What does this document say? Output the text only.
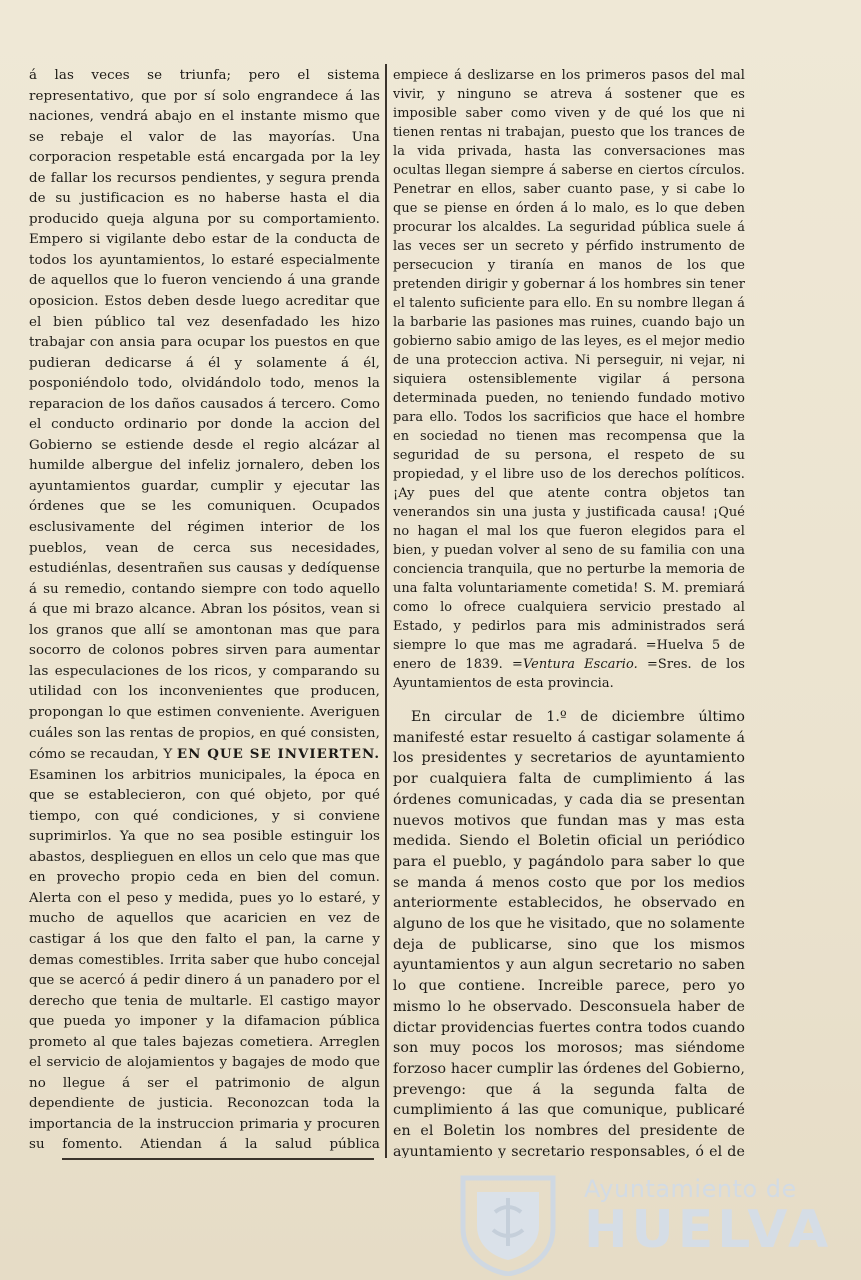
á las veces se triunfa; pero el sistema representativo, que por sí solo engrandece á las naciones, vendrá abajo en el instante mismo que se rebaje el valor de las mayorías. Una corporacion respetable está encargada por la ley de fallar los recursos pendientes, y segura prenda de su justificacion es no haberse hasta el dia producido queja alguna por su comportamiento. Empero si vigilante debo estar de la conducta de todos los ayuntamientos, lo estaré especialmente de aquellos que lo fueron venciendo á una grande oposicion. Estos deben desde luego acreditar que el bien público tal vez desenfadado les hizo trabajar con ansia para ocupar los puestos en que pudieran dedicarse á él y solamente á él, posponiéndolo todo, olvidándolo todo, menos la reparacion de los daños causados á tercero. Como el conducto ordinario por donde la accion del Gobierno se estiende desde el regio alcázar al humilde albergue del infeliz jornalero, deben los ayuntamientos guardar, cumplir y ejecutar las órdenes que se les comuniquen. Ocupados esclusivamente del régimen interior de los pueblos, vean de cerca sus necesidades, estudiénlas, desentrañen sus causas y dedíquense á su remedio, contando siempre con todo aquello á que mi brazo alcance. Abran los pósitos, vean si los granos que allí se amontonan mas que para socorro de colonos pobres sirven para aumentar las especulaciones de los ricos, y comparando su utilidad con los inconvenientes que producen, propongan lo que estimen conveniente. Averiguen cuáles son las rentas de propios, en qué consisten, cómo se recaudan, Y EN QUE SE INVIERTEN. Esaminen los arbitrios municipales, la época en que se establecieron, con qué objeto, por qué tiempo, con qué condiciones, y si conviene suprimirlos. Ya que no sea posible estinguir los abastos, desplieguen en ellos un celo que mas que en provecho propio ceda en bien del comun. Alerta con el peso y medida, pues yo lo estaré, y mucho de aquellos que acaricien en vez de castigar á los que den falto el pan, la carne y demas comestibles. Irrita saber que hubo concejal que se acercó á pedir dinero á un panadero por el derecho que tenia de multarle. El castigo mayor que pueda yo imponer y la difamacion pública prometo al que tales bajezas cometiera. Arreglen el servicio de alojamientos y bagajes de modo que no llegue á ser el patrimonio de algun dependiente de justicia. Reconozcan toda la importancia de la instruccion primaria y procuren su fomento. Atiendan á la salud pública

empiece á deslizarse en los primeros pasos del mal vivir, y ninguno se atreva á sostener que es imposible saber como viven y de qué los que ni tienen rentas ni trabajan, puesto que los trances de la vida privada, hasta las conversaciones mas ocultas llegan siempre á saberse en ciertos círculos. Penetrar en ellos, saber cuanto pase, y si cabe lo que se piense en órden á lo malo, es lo que deben procurar los alcaldes. La seguridad pública suele á las veces ser un secreto y pérfido instrumento de persecucion y tiranía en manos de los que pretenden dirigir y gobernar á los hombres sin tener el talento suficiente para ello. En su nombre llegan á la barbarie las pasiones mas ruines, cuando bajo un gobierno sabio amigo de las leyes, es el mejor medio de una proteccion activa. Ni perseguir, ni vejar, ni siquiera ostensiblemente vigilar á persona determinada pueden, no teniendo fundado motivo para ello. Todos los sacrificios que hace el hombre en sociedad no tienen mas recompensa que la seguridad de su persona, el respeto de su propiedad, y el libre uso de los derechos políticos. ¡Ay pues del que atente contra objetos tan venerandos sin una justa y justificada causa! ¡Qué no hagan el mal los que fueron elegidos para el bien, y puedan volver al seno de su familia con una conciencia tranquila, que no perturbe la memoria de una falta voluntariamente cometida! S. M. premiará como lo ofrece cualquiera servicio prestado al Estado, y pedirlos para mis administrados será siempre lo que mas me agradará. =Huelva 5 de enero de 1839. =Ventura Escario. =Sres. de los Ayuntamientos de esta provincia.

En circular de 1.º de diciembre último manifesté estar resuelto á castigar solamente á los presidentes y secretarios de ayuntamiento por cualquiera falta de cumplimiento á las órdenes comunicadas, y cada dia se presentan nuevos motivos que fundan mas y mas esta medida. Siendo el Boletin oficial un periódico para el pueblo, y pagándolo para saber lo que se manda á menos costo que por los medios anteriormente establecidos, he observado en alguno de los que he visitado, que no solamente deja de publicarse, sino que los mismos ayuntamientos y aun algun secretario no saben lo que contiene. Increible parece, pero yo mismo lo he observado. Desconsuela haber de dictar providencias fuertes contra todos cuando son muy pocos los morosos; mas siéndome forzoso hacer cumplir las órdenes del Gobierno, prevengo: que á la segunda falta de cumplimiento á las que comunique, publicaré en el Boletin los nombres del presidente de ayuntamiento y secretario responsables, ó el de

Ayuntamiento de
HUELVA
